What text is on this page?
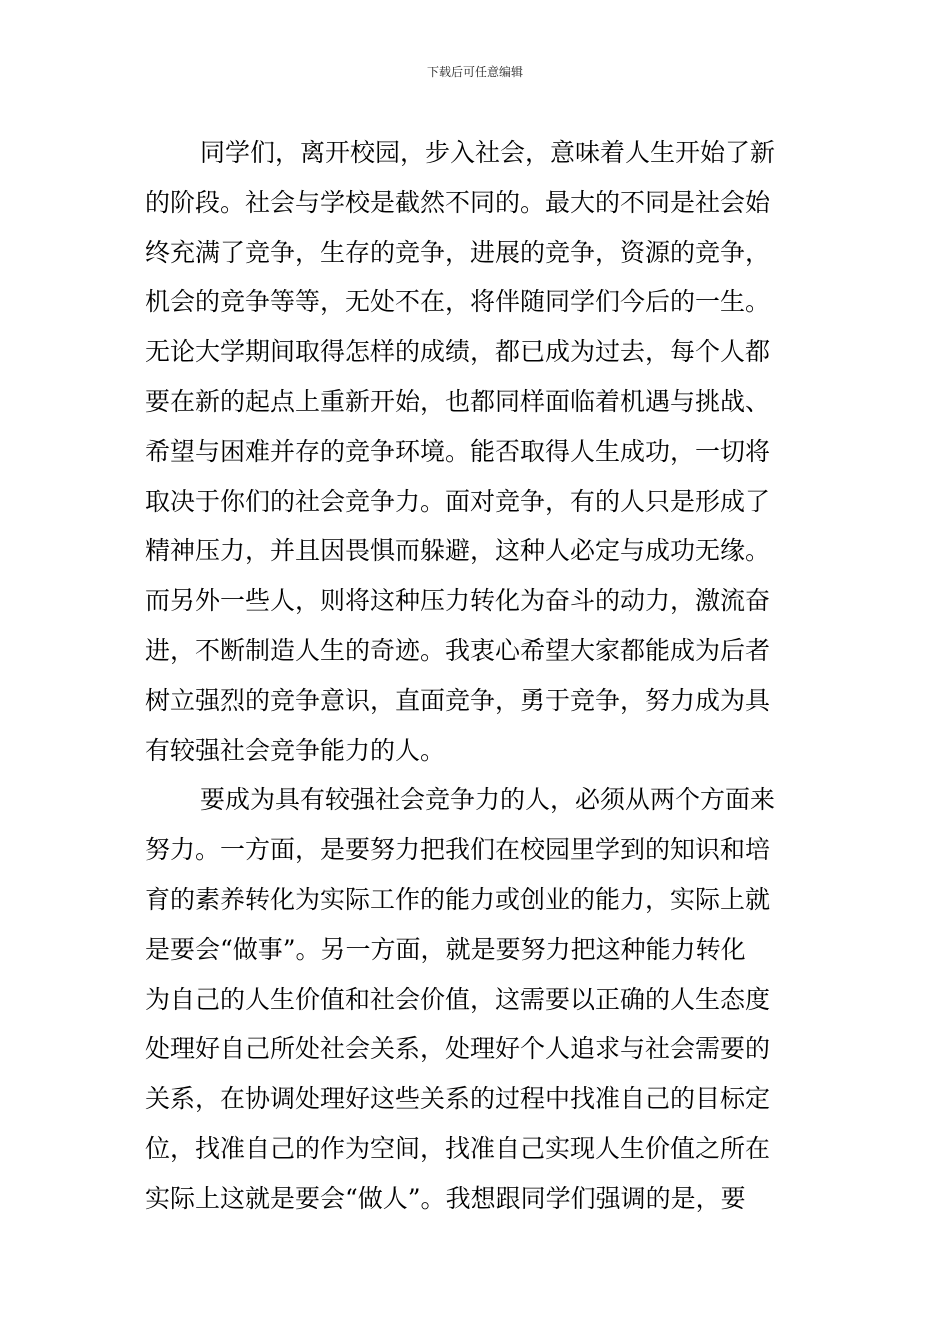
下载后可任意编辑
同学们，离开校园，步入社会，意味着人生开始了新
的阶段。社会与学校是截然不同的。最大的不同是社会始
终充满了竞争，生存的竞争，进展的竞争，资源的竞争，
机会的竞争等等，无处不在，将伴随同学们今后的一生。
无论大学期间取得怎样的成绩，都已成为过去，每个人都
要在新的起点上重新开始，也都同样面临着机遇与挑战、
希望与困难并存的竞争环境。能否取得人生成功，一切将
取决于你们的社会竞争力。面对竞争，有的人只是形成了
精神压力，并且因畏惧而躲避，这种人必定与成功无缘。
而另外一些人，则将这种压力转化为奋斗的动力，激流奋
进，不断制造人生的奇迹。我衷心希望大家都能成为后者
树立强烈的竞争意识，直面竞争，勇于竞争，努力成为具
有较强社会竞争能力的人。
要成为具有较强社会竞争力的人，必须从两个方面来
努力。一方面，是要努力把我们在校园里学到的知识和培
育的素养转化为实际工作的能力或创业的能力，实际上就
是要会“做事”。另一方面，就是要努力把这种能力转化
为自己的人生价值和社会价值，这需要以正确的人生态度
处理好自己所处社会关系，处理好个人追求与社会需要的
关系，在协调处理好这些关系的过程中找准自己的目标定
位，找准自己的作为空间，找准自己实现人生价值之所在
实际上这就是要会“做人”。我想跟同学们强调的是，要
